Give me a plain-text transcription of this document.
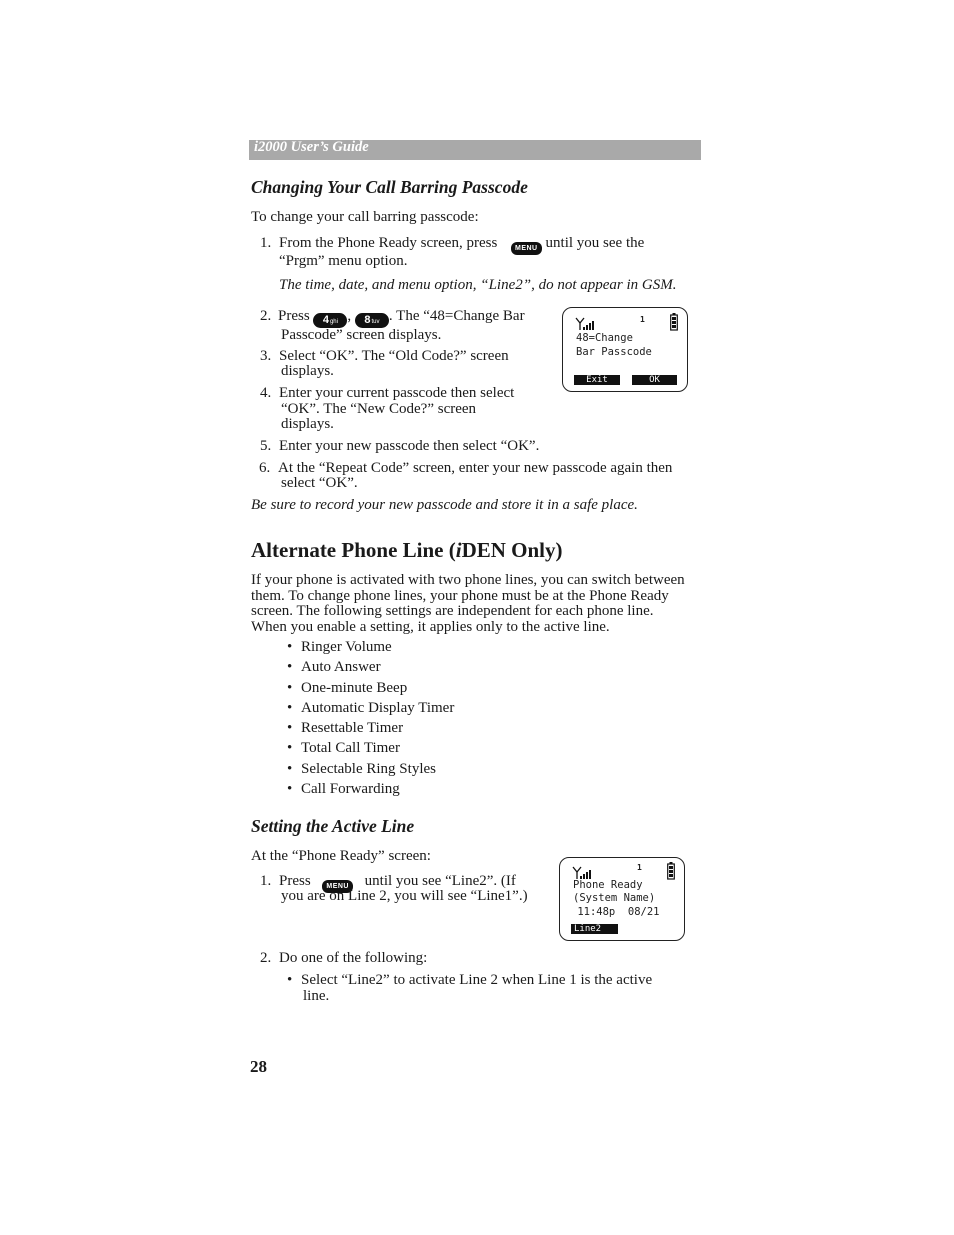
i2000 User’s Guide
Changing Your Call Barring Passcode
To change your call barring passcode:
1. From the Phone Ready screen, press	MENU until you see the
“Prgm” menu option.
The time, date, and menu option, “Line2”, do not appear in GSM.
2. Press 4ghi , 8tuv . The “48=Change Bar
Passcode” screen displays.
3. Select “OK”. The “Old Code?” screen
displays.
4. Enter your current passcode then select
“OK”. The “New Code?” screen
displays.
5. Enter your new passcode then select “OK”.
6. At the “Repeat Code” screen, enter your new passcode again then
select “OK”.
Be sure to record your new passcode and store it in a safe place.
1
48=Change
Bar Passcode
Exit	OK
Alternate Phone Line (iDEN Only)
If your phone is activated with two phone lines, you can switch between
them. To change phone lines, your phone must be at the Phone Ready
screen. The following settings are independent for each phone line.
When you enable a setting, it applies only to the active line.
• Ringer Volume
• Auto Answer
• One-minute Beep
• Automatic Display Timer
• Resettable Timer
• Total Call Timer
• Selectable Ring Styles
• Call Forwarding
Setting the Active Line
At the “Phone Ready” screen:
1. Press MENU until you see “Line2”. (If
you are on Line 2, you will see “Line1”.)
1
Phone Ready
(System Name)
11:48p  08/21
Line2
2. Do one of the following:
• Select “Line2” to activate Line 2 when Line 1 is the active
line.
28
